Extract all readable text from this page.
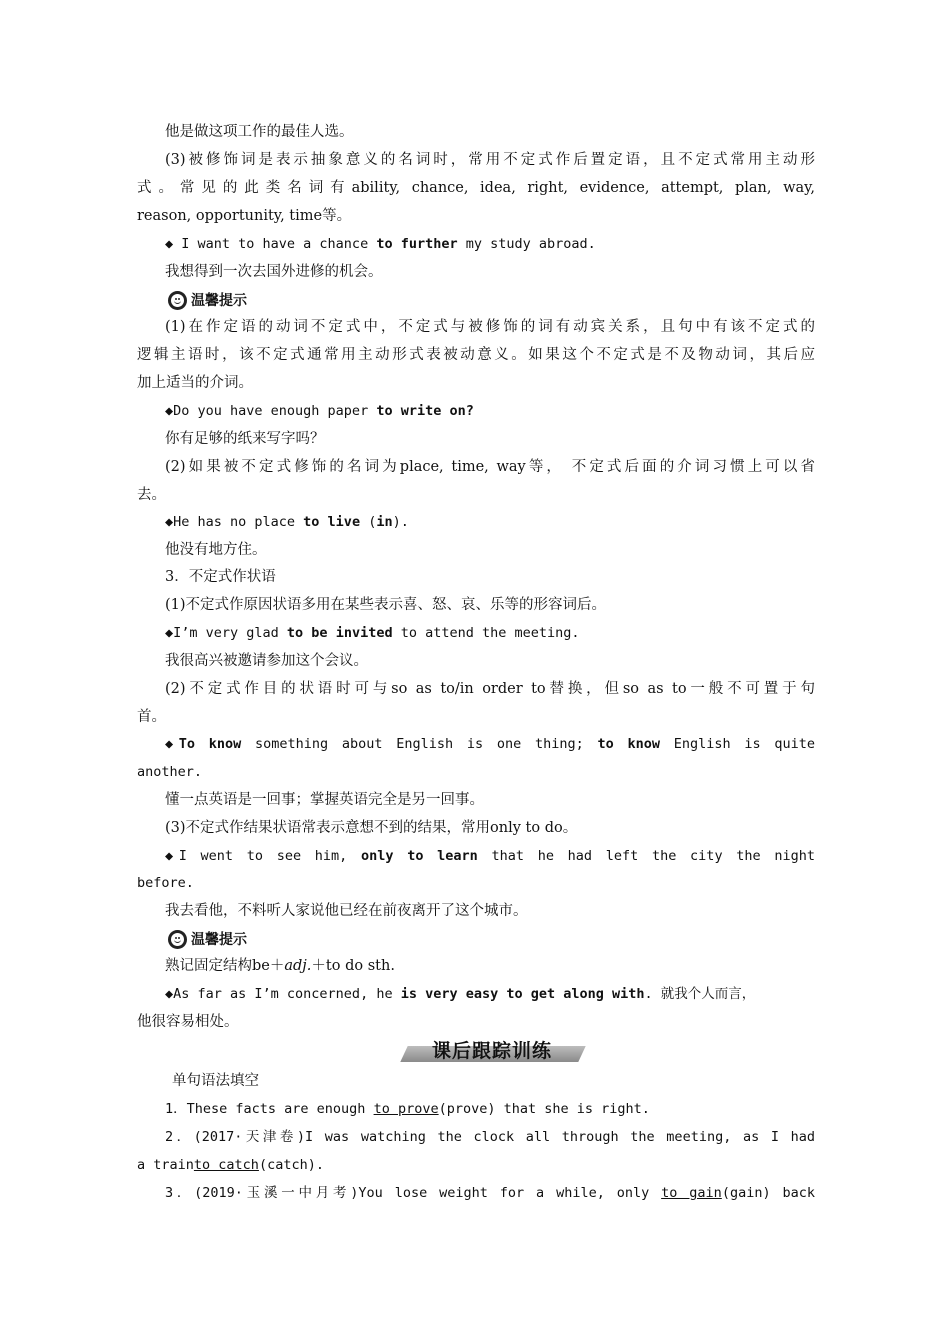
他是做这项工作的最佳人选。
(3)被修饰词是表示抽象意义的名词时，常用不定式作后置定语，且不定式常用主动形
式。常见的此类名词有ability, chance, idea, right, evidence, attempt, plan, way,
reason, opportunity, time等。
◆ I want to have a chance to further my study abroad.
我想得到一次去国外进修的机会。
温馨提示
(1)在作定语的动词不定式中，不定式与被修饰的词有动宾关系，且句中有该不定式的
逻辑主语时，该不定式通常用主动形式表被动意义。如果这个不定式是不及物动词，其后应
加上适当的介词。
◆Do you have enough paper to write on?
你有足够的纸来写字吗？
(2)如果被不定式修饰的名词为place, time, way等， 不定式后面的介词习惯上可以省
去。
◆He has no place to live (in).
他没有地方住。
3．不定式作状语
(1)不定式作原因状语多用在某些表示喜、怒、哀、乐等的形容词后。
◆I’m very glad to be invited to attend the meeting.
我很高兴被邀请参加这个会议。
(2)不定式作目的状语时可与so as to/in order to替换，但so as to一般不可置于句
首。
◆To know something about English is one thing; to know English is quite
another.
懂一点英语是一回事；掌握英语完全是另一回事。
(3)不定式作结果状语常表示意想不到的结果，常用only to do。
◆I went to see him, only to learn that he had left the city the night
before.
我去看他，不料听人家说他已经在前夜离开了这个城市。
温馨提示
熟记固定结构be＋adj.＋to do sth.
◆As far as I’m concerned, he is very easy to get along with. 就我个人而言，
他很容易相处。
课后跟踪训练
单句语法填空
1．These facts are enough to prove(prove) that she is right.
2．(2017·天津卷)I was watching the clock all through the meeting, as I had
a trainto catch(catch).
3．(2019·玉溪一中月考)You lose weight for a while, only to gain(gain) back
